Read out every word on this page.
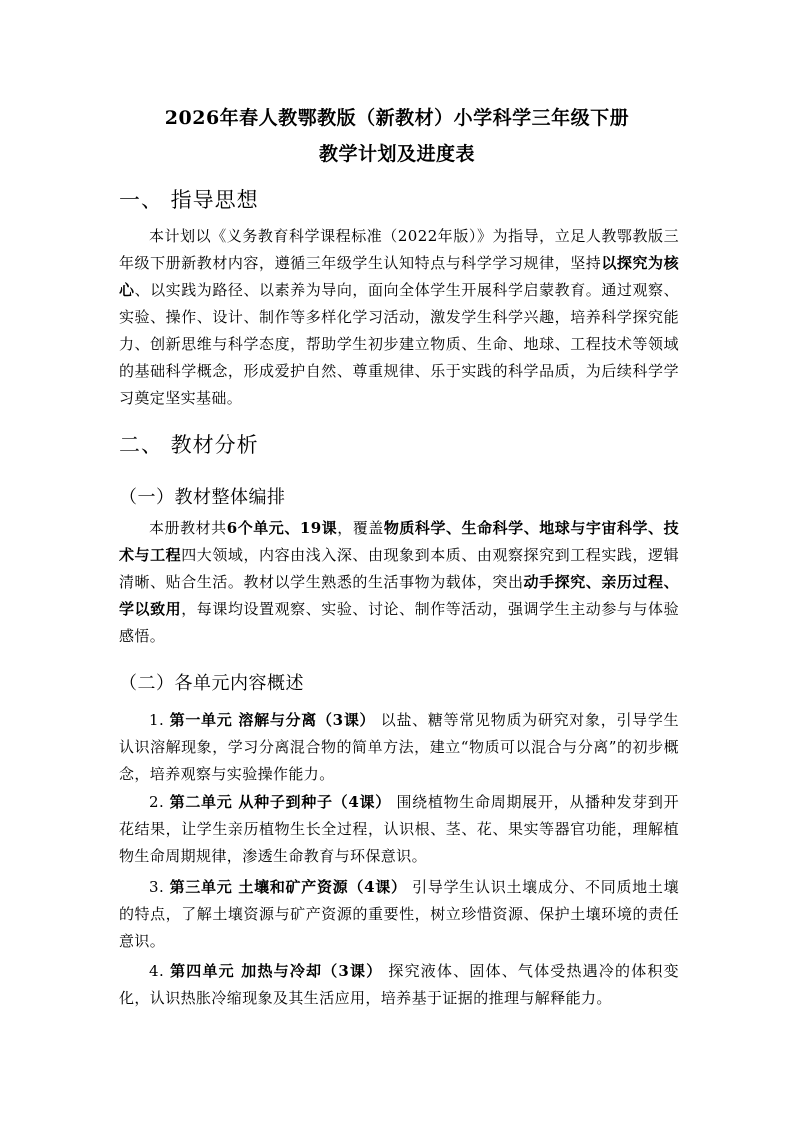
2026年春人教鄂教版（新教材）小学科学三年级下册
教学计划及进度表
一、 指导思想
本计划以《义务教育科学课程标准（2022年版）》为指导，立足人教鄂教版三年级下册新教材内容，遵循三年级学生认知特点与科学学习规律，坚持以探究为核心、以实践为路径、以素养为导向，面向全体学生开展科学启蒙教育。通过观察、实验、操作、设计、制作等多样化学习活动，激发学生科学兴趣，培养科学探究能力、创新思维与科学态度，帮助学生初步建立物质、生命、地球、工程技术等领域的基础科学概念，形成爱护自然、尊重规律、乐于实践的科学品质，为后续科学学习奠定坚实基础。
二、 教材分析
（一）教材整体编排
本册教材共6个单元、19课，覆盖物质科学、生命科学、地球与宇宙科学、技术与工程四大领域，内容由浅入深、由现象到本质、由观察探究到工程实践，逻辑清晰、贴合生活。教材以学生熟悉的生活事物为载体，突出动手探究、亲历过程、学以致用，每课均设置观察、实验、讨论、制作等活动，强调学生主动参与与体验感悟。
（二）各单元内容概述
1. 第一单元 溶解与分离（3课） 以盐、糖等常见物质为研究对象，引导学生认识溶解现象，学习分离混合物的简单方法，建立“物质可以混合与分离”的初步概念，培养观察与实验操作能力。
2. 第二单元 从种子到种子（4课） 围绕植物生命周期展开，从播种发芽到开花结果，让学生亲历植物生长全过程，认识根、茎、花、果实等器官功能，理解植物生命周期规律，渗透生命教育与环保意识。
3. 第三单元 土壤和矿产资源（4课） 引导学生认识土壤成分、不同质地土壤的特点，了解土壤资源与矿产资源的重要性，树立珍惜资源、保护土壤环境的责任意识。
4. 第四单元 加热与冷却（3课） 探究液体、固体、气体受热遇冷的体积变化，认识热胀冷缩现象及其生活应用，培养基于证据的推理与解释能力。
